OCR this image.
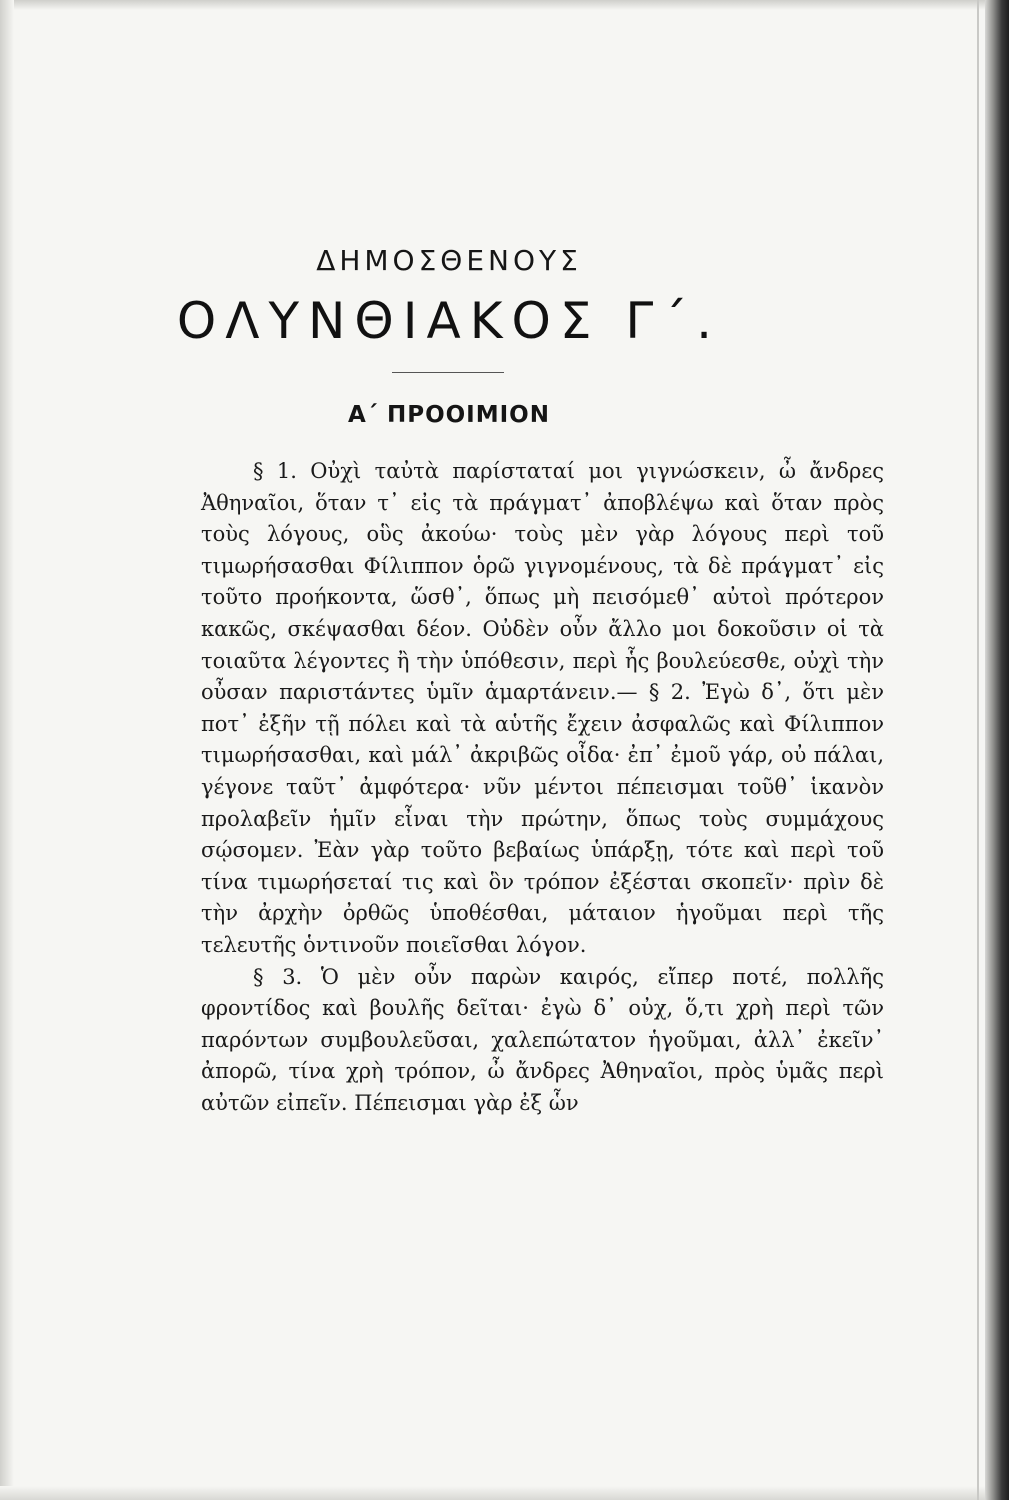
ΔΗΜΟΣΘΕΝΟΥΣ
ΟΛΥΝΘΙΑΚΟΣ Γ΄.
Α΄ ΠΡΟΟΙΜΙΟΝ

§ 1. Οὐχὶ ταὐτὰ παρίσταταί μοι γιγνώσκειν, ὦ ἄνδρες Ἀθηναῖοι, ὅταν τ᾽ εἰς τὰ πράγματ᾽ ἀποβλέψω καὶ ὅταν πρὸς τοὺς λόγους, οὓς ἀκούω· τοὺς μὲν γὰρ λόγους περὶ τοῦ τιμωρήσασθαι Φίλιππον ὁρῶ γιγνομένους, τὰ δὲ πράγματ᾽ εἰς τοῦτο προήκοντα, ὥσθ᾽, ὅπως μὴ πεισόμεθ᾽ αὐτοὶ πρότερον κακῶς, σκέψασθαι δέον. Οὐδὲν οὖν ἄλλο μοι δοκοῦσιν οἱ τὰ τοιαῦτα λέγοντες ἢ τὴν ὑπόθεσιν, περὶ ἧς βουλεύεσθε, οὐχὶ τὴν οὖσαν παριστάντες ὑμῖν ἁμαρτάνειν.— § 2. Ἐγὼ δ᾽, ὅτι μὲν ποτ᾽ ἐξῆν τῇ πόλει καὶ τὰ αὑτῆς ἔχειν ἀσφαλῶς καὶ Φίλιππον τιμωρήσασθαι, καὶ μάλ᾽ ἀκριβῶς οἶδα· ἐπ᾽ ἐμοῦ γάρ, οὐ πάλαι, γέγονε ταῦτ᾽ ἀμφότερα· νῦν μέντοι πέπεισμαι τοῦθ᾽ ἱκανὸν προλαβεῖν ἡμῖν εἶναι τὴν πρώτην, ὅπως τοὺς συμμάχους σῴσομεν. Ἐὰν γὰρ τοῦτο βεβαίως ὑπάρξῃ, τότε καὶ περὶ τοῦ τίνα τιμωρήσεταί τις καὶ ὃν τρόπον ἐξέσται σκοπεῖν· πρὶν δὲ τὴν ἀρχὴν ὀρθῶς ὑποθέσθαι, μάταιον ἡγοῦμαι περὶ τῆς τελευτῆς ὁντινοῦν ποιεῖσθαι λόγον.

§ 3. Ὁ μὲν οὖν παρὼν καιρός, εἴπερ ποτέ, πολλῆς φροντίδος καὶ βουλῆς δεῖται· ἐγὼ δ᾽ οὐχ, ὅ,τι χρὴ περὶ τῶν παρόντων συμβουλεῦσαι, χαλεπώτατον ἡγοῦμαι, ἀλλ᾽ ἐκεῖν᾽ ἀπορῶ, τίνα χρὴ τρόπον, ὦ ἄνδρες Ἀθηναῖοι, πρὸς ὑμᾶς περὶ αὐτῶν εἰπεῖν. Πέπεισμαι γὰρ ἐξ ὧν
